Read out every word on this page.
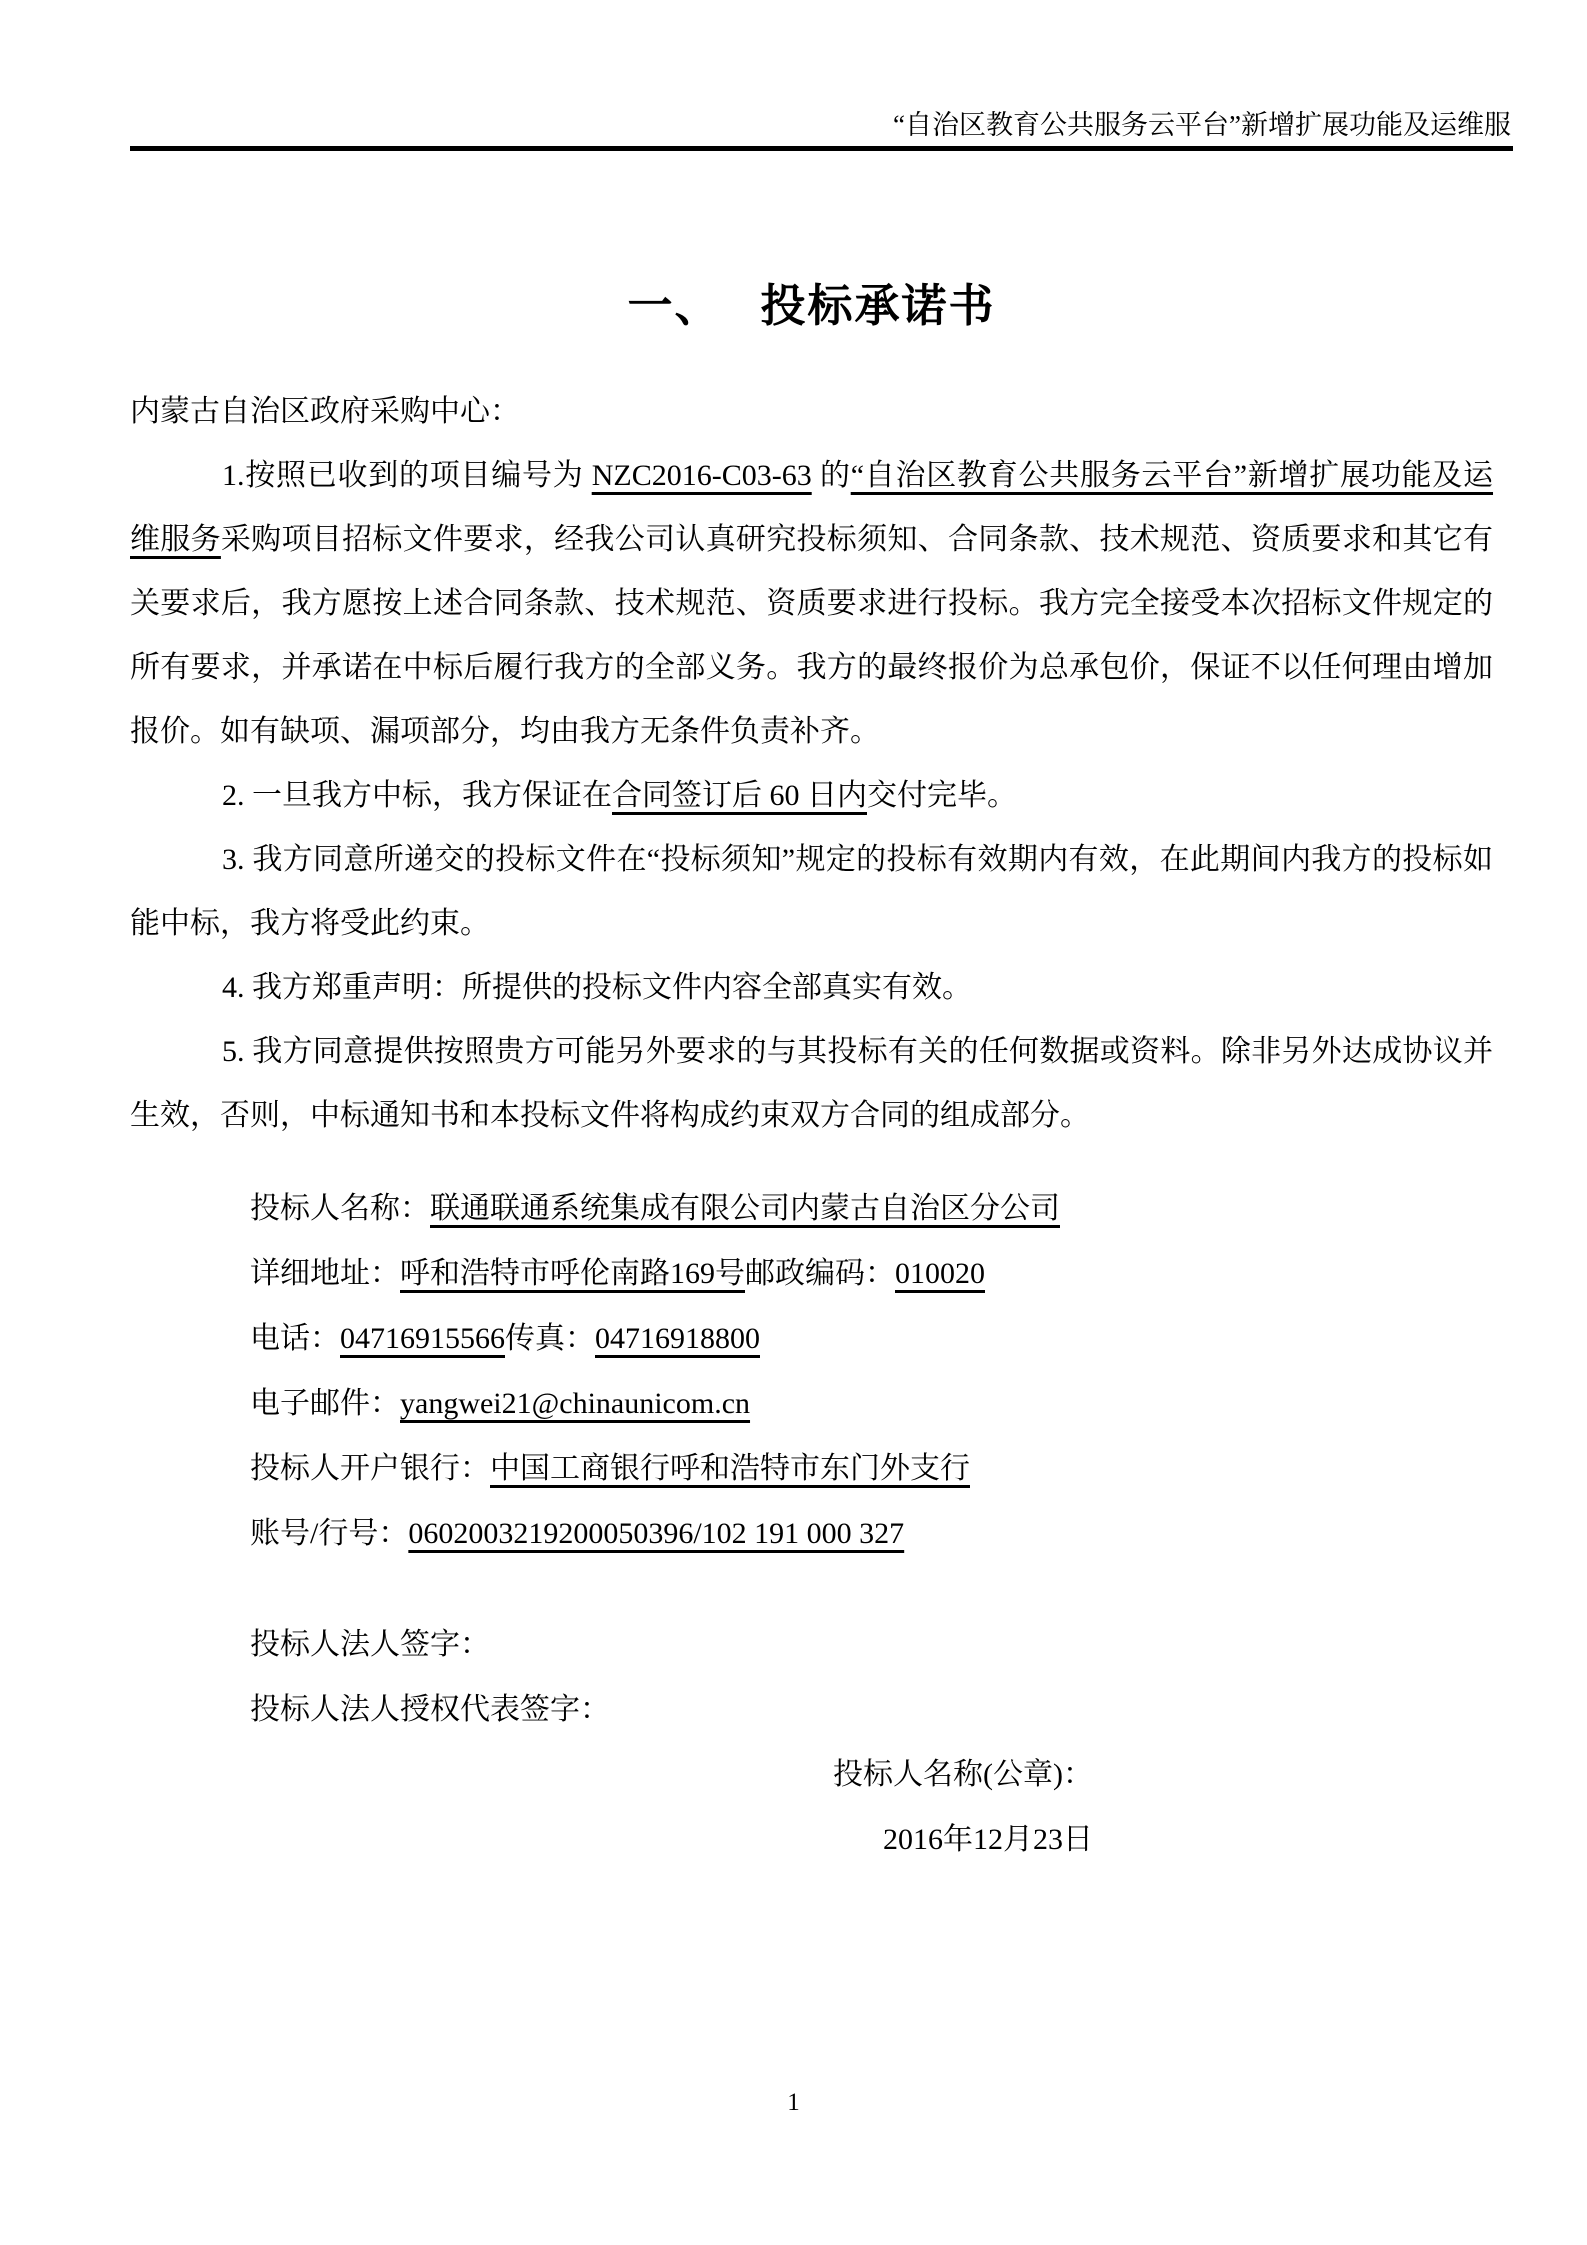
“自治区教育公共服务云平台”新增扩展功能及运维服
一、　 投标承诺书

内蒙古自治区政府采购中心：

1.按照已收到的项目编号为 NZC2016-C03-63 的“自治区教育公共服务云平台”新增扩展功能及运维服务采购项目招标文件要求，经我公司认真研究投标须知、合同条款、技术规范、资质要求和其它有关要求后，我方愿按上述合同条款、技术规范、资质要求进行投标。我方完全接受本次招标文件规定的所有要求，并承诺在中标后履行我方的全部义务。我方的最终报价为总承包价，保证不以任何理由增加报价。如有缺项、漏项部分，均由我方无条件负责补齐。

2. 一旦我方中标，我方保证在合同签订后 60 日内交付完毕。

3. 我方同意所递交的投标文件在“投标须知”规定的投标有效期内有效，在此期间内我方的投标如能中标，我方将受此约束。

4. 我方郑重声明：所提供的投标文件内容全部真实有效。

5. 我方同意提供按照贵方可能另外要求的与其投标有关的任何数据或资料。除非另外达成协议并生效，否则，中标通知书和本投标文件将构成约束双方合同的组成部分。

投标人名称：联通联通系统集成有限公司内蒙古自治区分公司

详细地址：呼和浩特市呼伦南路169号邮政编码：010020

电话：04716915566传真：04716918800

电子邮件：yangwei21@chinaunicom.cn

投标人开户银行：中国工商银行呼和浩特市东门外支行

账号/行号：0602003219200050396/102 191 000 327

投标人法人签字：

投标人法人授权代表签字：

投标人名称(公章)：

2016年12月23日

1
